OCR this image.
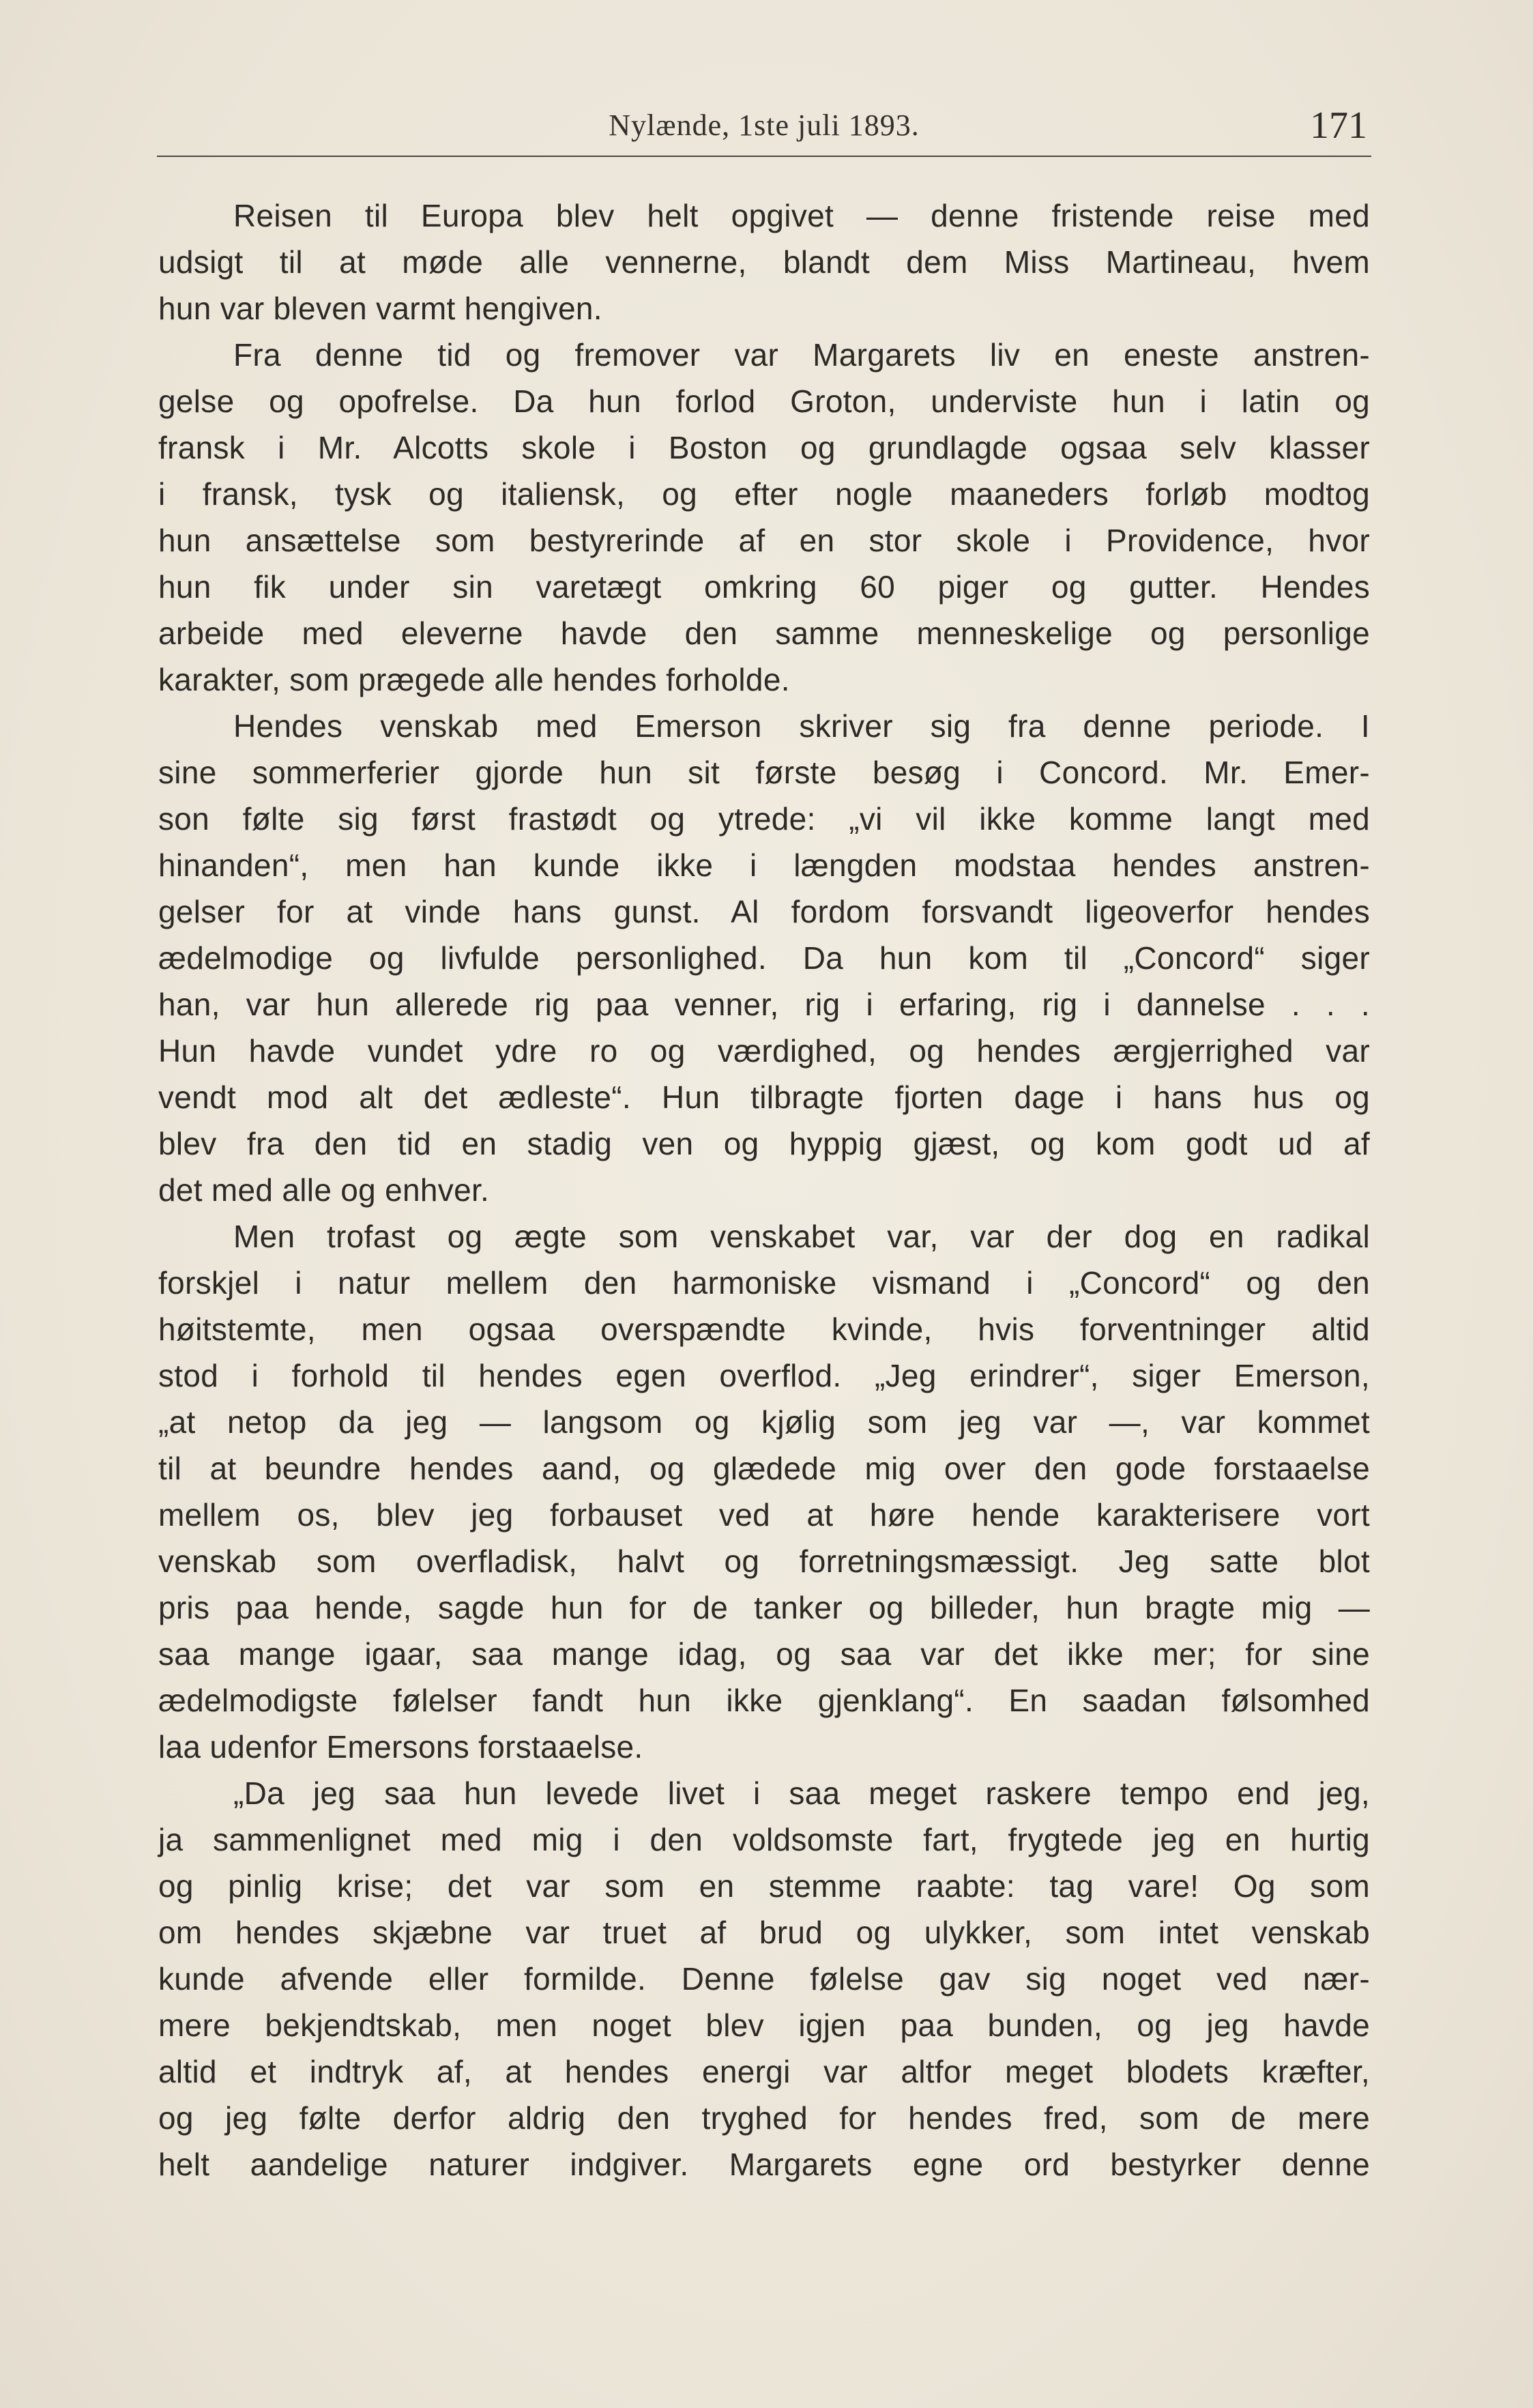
Nylænde, 1ste juli 1893.	171
Reisen til Europa blev helt opgivet — denne fristende reise med
udsigt til at møde alle vennerne, blandt dem Miss Martineau, hvem
hun var bleven varmt hengiven.
Fra denne tid og fremover var Margarets liv en eneste anstren-
gelse og opofrelse. Da hun forlod Groton, underviste hun i latin og
fransk i Mr. Alcotts skole i Boston og grundlagde ogsaa selv klasser
i fransk, tysk og italiensk, og efter nogle maaneders forløb modtog
hun ansættelse som bestyrerinde af en stor skole i Providence, hvor
hun fik under sin varetægt omkring 60 piger og gutter. Hendes
arbeide med eleverne havde den samme menneskelige og personlige
karakter, som prægede alle hendes forholde.
Hendes venskab med Emerson skriver sig fra denne periode. I
sine sommerferier gjorde hun sit første besøg i Concord. Mr. Emer-
son følte sig først frastødt og ytrede: „vi vil ikke komme langt med
hinanden“, men han kunde ikke i længden modstaa hendes anstren-
gelser for at vinde hans gunst. Al fordom forsvandt ligeoverfor hendes
ædelmodige og livfulde personlighed. Da hun kom til „Concord“ siger
han, var hun allerede rig paa venner, rig i erfaring, rig i dannelse . . .
Hun havde vundet ydre ro og værdighed, og hendes ærgjerrighed var
vendt mod alt det ædleste“. Hun tilbragte fjorten dage i hans hus og
blev fra den tid en stadig ven og hyppig gjæst, og kom godt ud af
det med alle og enhver.
Men trofast og ægte som venskabet var, var der dog en radikal
forskjel i natur mellem den harmoniske vismand i „Concord“ og den
høitstemte, men ogsaa overspændte kvinde, hvis forventninger altid
stod i forhold til hendes egen overflod. „Jeg erindrer“, siger Emerson,
„at netop da jeg — langsom og kjølig som jeg var —, var kommet
til at beundre hendes aand, og glædede mig over den gode forstaaelse
mellem os, blev jeg forbauset ved at høre hende karakterisere vort
venskab som overfladisk, halvt og forretningsmæssigt. Jeg satte blot
pris paa hende, sagde hun for de tanker og billeder, hun bragte mig —
saa mange igaar, saa mange idag, og saa var det ikke mer; for sine
ædelmodigste følelser fandt hun ikke gjenklang“. En saadan følsomhed
laa udenfor Emersons forstaaelse.
„Da jeg saa hun levede livet i saa meget raskere tempo end jeg,
ja sammenlignet med mig i den voldsomste fart, frygtede jeg en hurtig
og pinlig krise; det var som en stemme raabte: tag vare! Og som
om hendes skjæbne var truet af brud og ulykker, som intet venskab
kunde afvende eller formilde. Denne følelse gav sig noget ved nær-
mere bekjendtskab, men noget blev igjen paa bunden, og jeg havde
altid et indtryk af, at hendes energi var altfor meget blodets kræfter,
og jeg følte derfor aldrig den tryghed for hendes fred, som de mere
helt aandelige naturer indgiver. Margarets egne ord bestyrker denne
